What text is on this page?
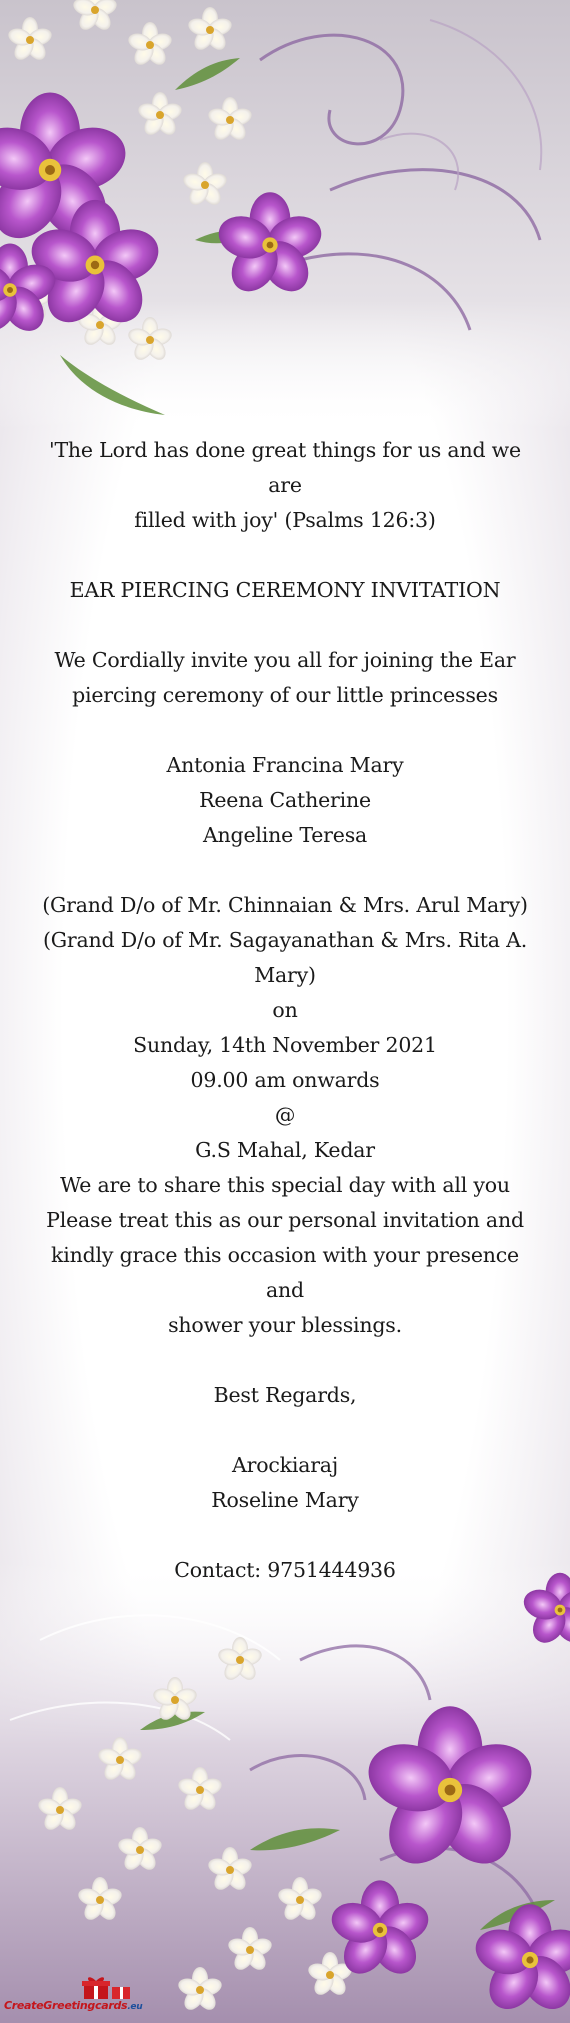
'The Lord has done great things for us and we are
filled with joy' (Psalms 126:3)
EAR PIERCING CEREMONY INVITATION
We Cordially invite you all for joining the Ear
piercing ceremony of our little princesses
Antonia Francina Mary
Reena Catherine
Angeline Teresa
(Grand D/o of Mr. Chinnaian & Mrs. Arul Mary)
(Grand D/o of Mr. Sagayanathan & Mrs. Rita A.
Mary)
on
Sunday, 14th November 2021
09.00 am onwards
@
G.S Mahal, Kedar
We are to share this special day with all you
Please treat this as our personal invitation and
kindly grace this occasion with your presence and
shower your blessings.
Best Regards,
Arockiaraj
Roseline Mary
Contact: 9751444936
CreateGreetingcards.eu
